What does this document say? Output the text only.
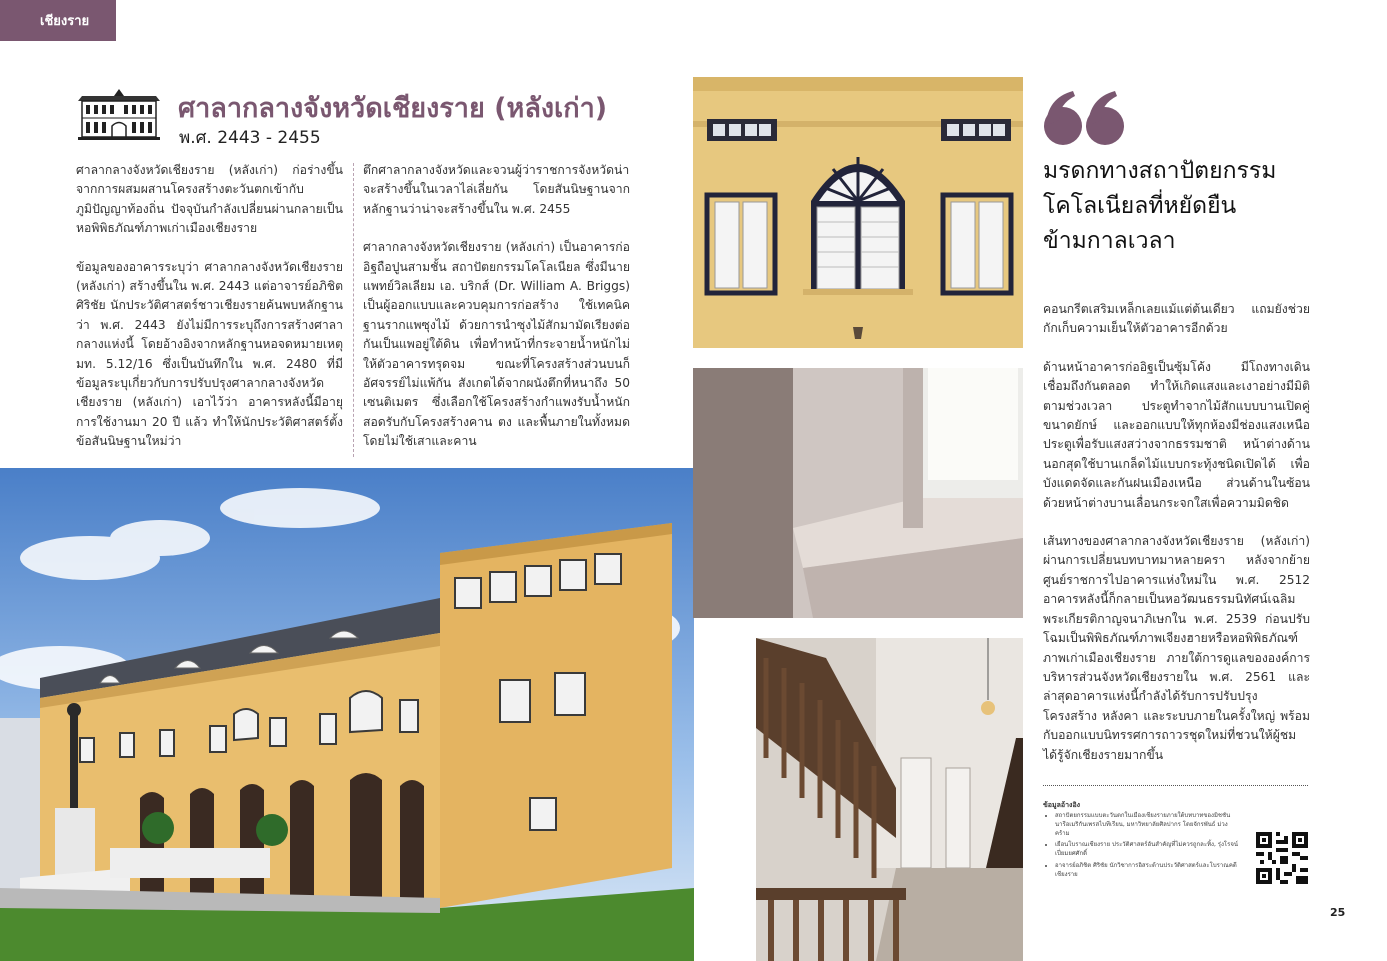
เชียงราย
ศาลากลางจังหวัดเชียงราย (หลังเก่า)
พ.ศ. 2443 - 2455

ศาลากลางจังหวัดเชียงราย (หลังเก่า) ก่อร่างขึ้นจากการผสมผสานโครงสร้างตะวันตกเข้ากับภูมิปัญญาท้องถิ่น ปัจจุบันกำลังเปลี่ยนผ่านกลายเป็นหอพิพิธภัณฑ์ภาพเก่าเมืองเชียงราย

ข้อมูลของอาคารระบุว่า ศาลากลางจังหวัดเชียงราย (หลังเก่า) สร้างขึ้นใน พ.ศ. 2443 แต่อาจารย์อภิชิต ศิริชัย นักประวัติศาสตร์ชาวเชียงรายค้นพบหลักฐานว่า พ.ศ. 2443 ยังไม่มีการระบุถึงการสร้างศาลากลางแห่งนี้ โดยอ้างอิงจากหลักฐานหอจดหมายเหตุ มท. 5.12/16 ซึ่งเป็นบันทึกใน พ.ศ. 2480 ที่มีข้อมูลระบุเกี่ยวกับการปรับปรุงศาลากลางจังหวัดเชียงราย (หลังเก่า) เอาไว้ว่า อาคารหลังนี้มีอายุการใช้งานมา 20 ปี แล้ว ทำให้นักประวัติศาสตร์ตั้งข้อสันนิษฐานใหม่ว่า

ตึกศาลากลางจังหวัดและจวนผู้ว่าราชการจังหวัดน่าจะสร้างขึ้นในเวลาไล่เลี่ยกัน โดยสันนิษฐานจากหลักฐานว่าน่าจะสร้างขึ้นใน พ.ศ. 2455

ศาลากลางจังหวัดเชียงราย (หลังเก่า) เป็นอาคารก่ออิฐถือปูนสามชั้น สถาปัตยกรรมโคโลเนียล ซึ่งมีนายแพทย์วิลเลียม เอ. บริกส์ (Dr. William A. Briggs) เป็นผู้ออกแบบและควบคุมการก่อสร้าง ใช้เทคนิคฐานรากแพซุงไม้ ด้วยการนำซุงไม้สักมามัดเรียงต่อกันเป็นแพอยู่ใต้ดิน เพื่อทำหน้าที่กระจายน้ำหนักไม่ให้ตัวอาคารทรุดจม ขณะที่โครงสร้างส่วนบนก็อัศจรรย์ไม่แพ้กัน สังเกตได้จากผนังตึกที่หนาถึง 50 เซนติเมตร ซึ่งเลือกใช้โครงสร้างกำแพงรับน้ำหนัก สอดรับกับโครงสร้างคาน ตง และพื้นภายในทั้งหมด โดยไม่ใช้เสาและคาน

มรดกทางสถาปัตยกรรม
โคโลเนียลที่หยัดยืน
ข้ามกาลเวลา

คอนกรีตเสริมเหล็กเลยแม้แต่ต้นเดียว แถมยังช่วยกักเก็บความเย็นให้ตัวอาคารอีกด้วย

ด้านหน้าอาคารก่ออิฐเป็นซุ้มโค้ง มีโถงทางเดินเชื่อมถึงกันตลอด ทำให้เกิดแสงและเงาอย่างมีมิติตามช่วงเวลา ประตูทำจากไม้สักแบบบานเปิดคู่ขนาดยักษ์ และออกแบบให้ทุกห้องมีช่องแสงเหนือประตูเพื่อรับแสงสว่างจากธรรมชาติ หน้าต่างด้านนอกสุดใช้บานเกล็ดไม้แบบกระทุ้งชนิดเปิดได้ เพื่อบังแดดจัดและกันฝนเมืองเหนือ ส่วนด้านในซ้อนด้วยหน้าต่างบานเลื่อนกระจกใสเพื่อความมิดชิด

เส้นทางของศาลากลางจังหวัดเชียงราย (หลังเก่า) ผ่านการเปลี่ยนบทบาทมาหลายครา หลังจากย้ายศูนย์ราชการไปอาคารแห่งใหม่ใน พ.ศ. 2512 อาคารหลังนี้ก็กลายเป็นหอวัฒนธรรมนิทัศน์เฉลิมพระเกียรติกาญจนาภิเษกใน พ.ศ. 2539 ก่อนปรับโฉมเป็นพิพิธภัณฑ์ภาพเจียงฮายหรือหอพิพิธภัณฑ์ภาพเก่าเมืองเชียงราย ภายใต้การดูแลขององค์การบริหารส่วนจังหวัดเชียงรายใน พ.ศ. 2561 และล่าสุดอาคารแห่งนี้กำลังได้รับการปรับปรุงโครงสร้าง หลังคา และระบบภายในครั้งใหญ่ พร้อมกับออกแบบนิทรรศการถาวรชุดใหม่ที่ชวนให้ผู้ชมได้รู้จักเชียงรายมากขึ้น

ข้อมูลอ้างอิง
• สถาปัตยกรรมแบบตะวันตกในเมืองเชียงรายภายใต้บทบาทของมิชชันนารีอเมริกันเพรสไบทีเรียน, มหาวิทยาลัยศิลปากร โดยจักรพันธ์ ม่วงคร้าม
• เยือนโบราณเชียงราย ประวัติศาสตร์อันสำคัญที่ไม่ควรถูกละทิ้ง, รุ่งโรจน์ เปี่ยมยศศักดิ์
• อาจารย์อภิชิต ศิริชัย นักวิชาการอิสระด้านประวัติศาสตร์และโบราณคดีเชียงราย
25
